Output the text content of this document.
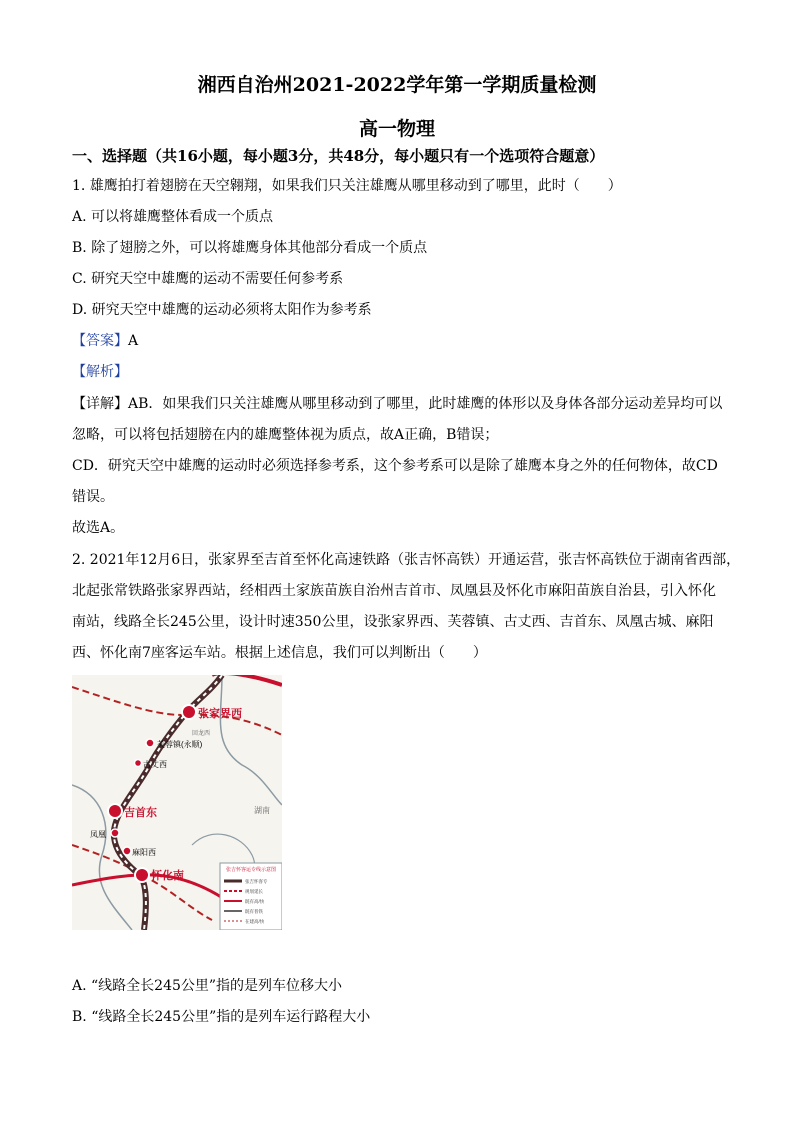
湘西自治州2021-2022学年第一学期质量检测
高一物理
一、选择题（共16小题，每小题3分，共48分，每小题只有一个选项符合题意）
1. 雄鹰拍打着翅膀在天空翱翔，如果我们只关注雄鹰从哪里移动到了哪里，此时（　　）
A. 可以将雄鹰整体看成一个质点
B. 除了翅膀之外，可以将雄鹰身体其他部分看成一个质点
C. 研究天空中雄鹰的运动不需要任何参考系
D. 研究天空中雄鹰的运动必须将太阳作为参考系
【答案】A
【解析】
【详解】AB．如果我们只关注雄鹰从哪里移动到了哪里，此时雄鹰的体形以及身体各部分运动差异均可以
忽略，可以将包括翅膀在内的雄鹰整体视为质点，故A正确，B错误；
CD．研究天空中雄鹰的运动时必须选择参考系，这个参考系可以是除了雄鹰本身之外的任何物体，故CD
错误。
故选A。
2. 2021年12月6日，张家界至吉首至怀化高速铁路（张吉怀高铁）开通运营，张吉怀高铁位于湖南省西部，
北起张常铁路张家界西站，经相西土家族苗族自治州吉首市、凤凰县及怀化市麻阳苗族自治县，引入怀化
南站，线路全长245公里，设计时速350公里，设张家界西、芙蓉镇、古丈西、吉首东、凤凰古城、麻阳
西、怀化南7座客运车站。根据上述信息，我们可以判断出（　　）
张家界西
回龙西
芙蓉镇(永顺)
古丈西
湖南
吉首东
凤凰
麻阳西
怀化南	张吉怀客运专线示意图
张吉怀客专
规划延长
既有高/快
既有普铁
在建高/快
A. “线路全长245公里”指的是列车位移大小
B. “线路全长245公里”指的是列车运行路程大小
